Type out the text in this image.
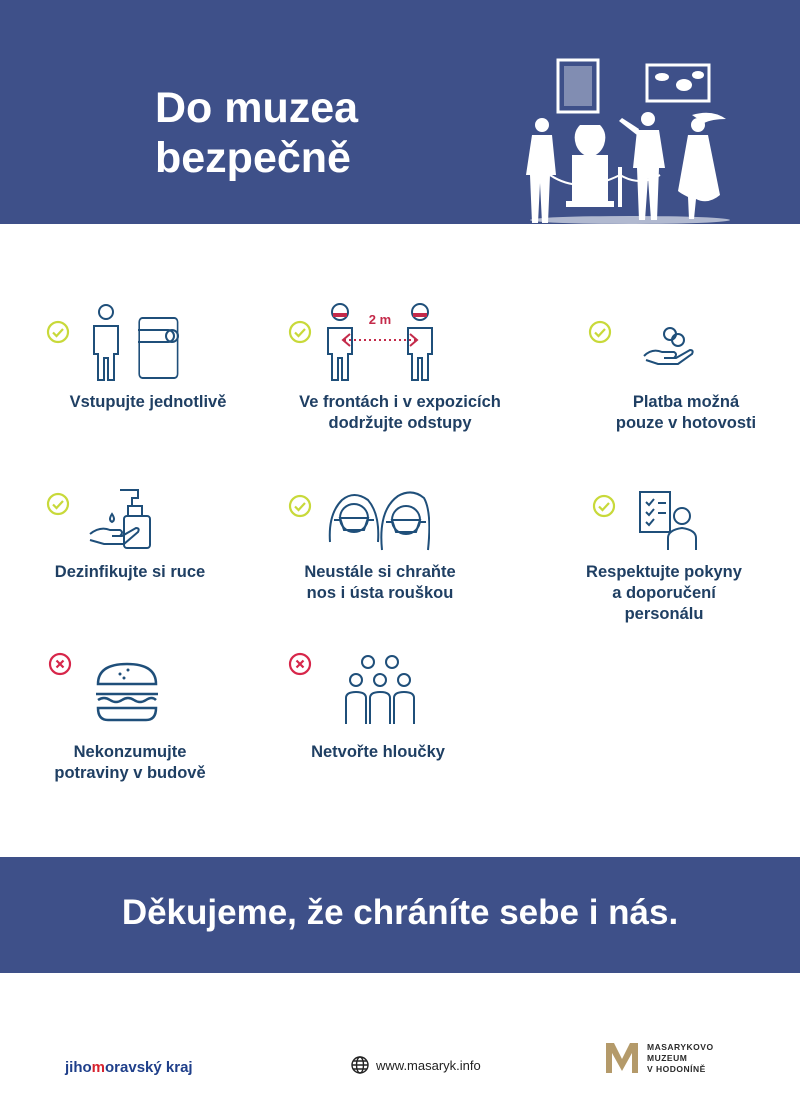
Do muzea
bezpečně
Vstupujte jednotlivě
2 m
Ve frontách i v expozicích
dodržujte odstupy
Platba možná
pouze v hotovosti
Dezinfikujte si ruce	Neustále si chraňte
nos i ústa rouškou
Respektujte pokyny
a doporučení
personálu
Nekonzumujte
potraviny v budově
Netvořte hloučky
Děkujeme, že chráníte sebe i nás.
jihomoravský kraj	www.masaryk.info
MASARYKOVO
MUZEUM
V HODONÍNĚ
